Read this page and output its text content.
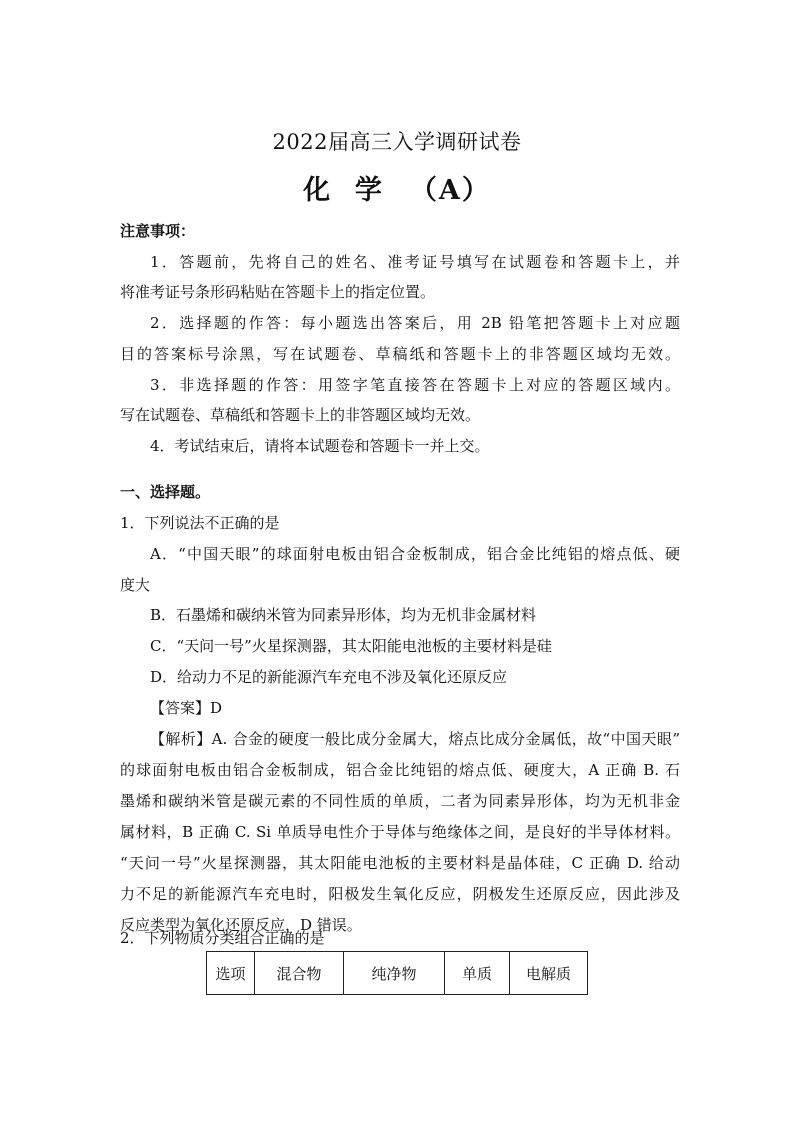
2022届高三入学调研试卷
化  学 （A）
注意事项：
1．答题前，先将自己的姓名、准考证号填写在试题卷和答题卡上，并
将准考证号条形码粘贴在答题卡上的指定位置。
2．选择题的作答：每小题选出答案后，用 2B 铅笔把答题卡上对应题
目的答案标号涂黑，写在试题卷、草稿纸和答题卡上的非答题区域均无效。
3．非选择题的作答：用签字笔直接答在答题卡上对应的答题区域内。
写在试题卷、草稿纸和答题卡上的非答题区域均无效。
4．考试结束后，请将本试题卷和答题卡一并上交。
一、选择题。
1．下列说法不正确的是
A．“中国天眼”的球面射电板由铝合金板制成，铝合金比纯铝的熔点低、硬
度大
B．石墨烯和碳纳米管为同素异形体，均为无机非金属材料
C．“天问一号”火星探测器，其太阳能电池板的主要材料是硅
D．给动力不足的新能源汽车充电不涉及氧化还原反应
【答案】D
【解析】A. 合金的硬度一般比成分金属大，熔点比成分金属低，故“中国天眼”
的球面射电板由铝合金板制成，铝合金比纯铝的熔点低、硬度大，A 正确 B. 石
墨烯和碳纳米管是碳元素的不同性质的单质，二者为同素异形体，均为无机非金
属材料，B 正确 C. Si 单质导电性介于导体与绝缘体之间，是良好的半导体材料。
“天问一号”火星探测器，其太阳能电池板的主要材料是晶体硅，C 正确 D. 给动
力不足的新能源汽车充电时，阳极发生氧化反应，阴极发生还原反应，因此涉及
反应类型为氧化还原反应，D 错误。
2．下列物质分类组合正确的是
选项	混合物	纯净物	单质	电解质
